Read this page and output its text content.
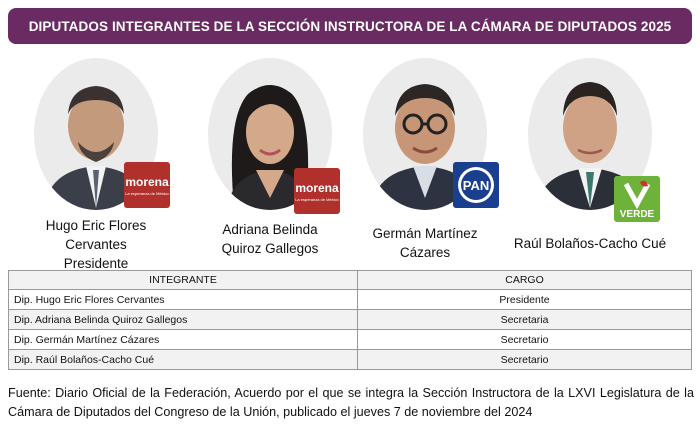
DIPUTADOS INTEGRANTES DE LA SECCIÓN INSTRUCTORA DE LA CÁMARA DE DIPUTADOS 2025
morena
La esperanza de México
Hugo Eric Flores Cervantes
Presidente
morena
La esperanza de México
Adriana Belinda
Quiroz Gallegos
PAN
Germán Martínez
Cázares
VERDE
Raúl Bolaños-Cacho Cué
INTEGRANTE	CARGO
Dip. Hugo Eric Flores Cervantes	Presidente
Dip. Adriana Belinda Quiroz Gallegos	Secretaria
Dip. Germán Martínez Cázares	Secretario
Dip. Raúl Bolaños-Cacho Cué	Secretario
Fuente: Diario Oficial de la Federación, Acuerdo por el que se integra la Sección Instructora de la LXVI Legislatura de la Cámara de Diputados del Congreso de la Unión, publicado el jueves 7 de noviembre del 2024
